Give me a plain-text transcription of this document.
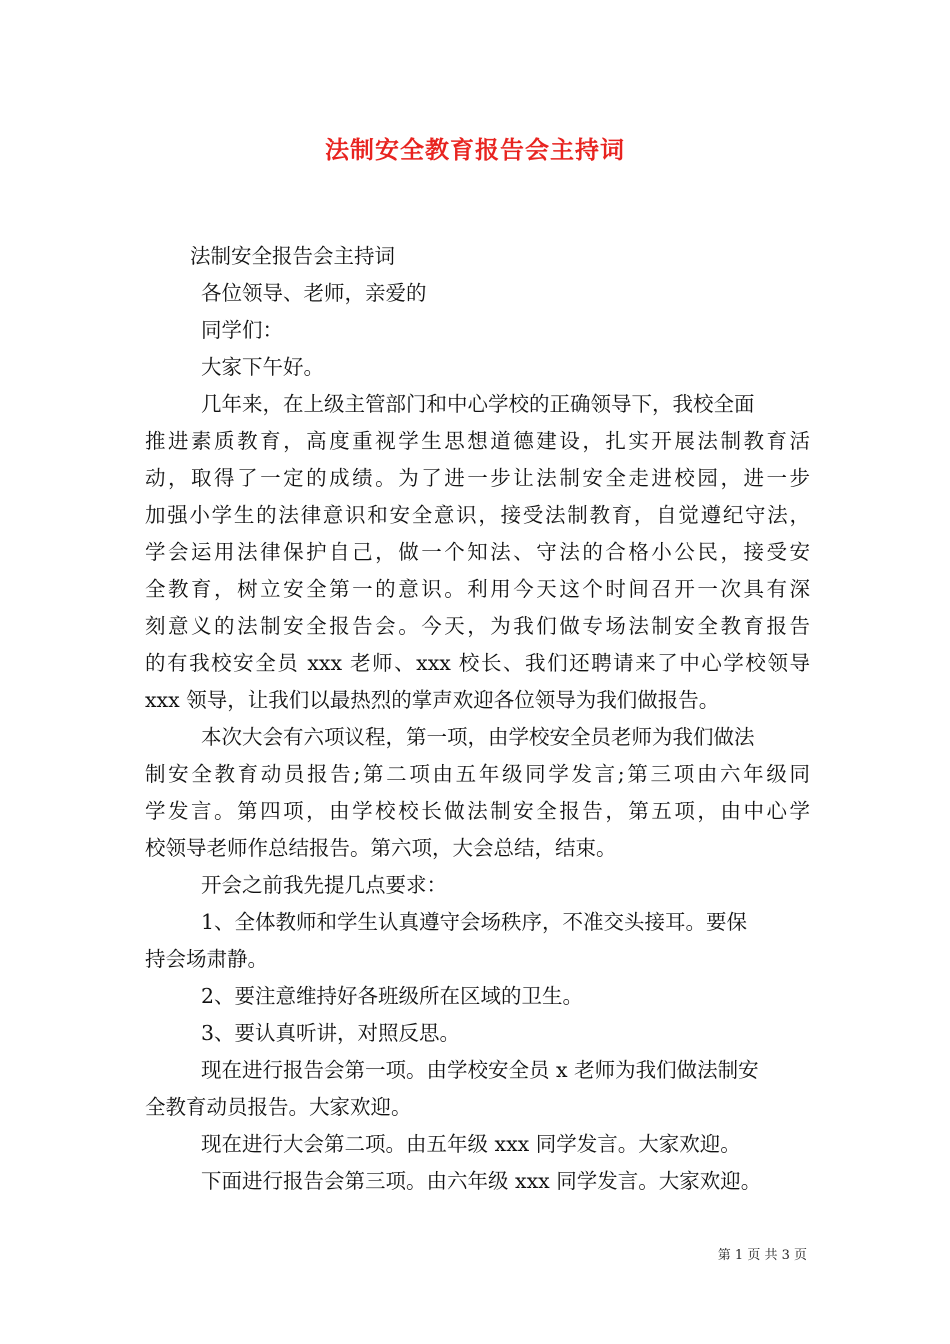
法制安全教育报告会主持词
法制安全报告会主持词
各位领导、老师，亲爱的
同学们：
大家下午好。
几年来，在上级主管部门和中心学校的正确领导下，我校全面
推进素质教育，高度重视学生思想道德建设，扎实开展法制教育活
动，取得了一定的成绩。为了进一步让法制安全走进校园，进一步
加强小学生的法律意识和安全意识，接受法制教育，自觉遵纪守法，
学会运用法律保护自己，做一个知法、守法的合格小公民，接受安
全教育，树立安全第一的意识。利用今天这个时间召开一次具有深
刻意义的法制安全报告会。今天，为我们做专场法制安全教育报告
的有我校安全员 xxx 老师、xxx 校长、我们还聘请来了中心学校领导
xxx 领导，让我们以最热烈的掌声欢迎各位领导为我们做报告。
本次大会有六项议程，第一项，由学校安全员老师为我们做法
制安全教育动员报告;第二项由五年级同学发言;第三项由六年级同
学发言。第四项，由学校校长做法制安全报告，第五项，由中心学
校领导老师作总结报告。第六项，大会总结，结束。
开会之前我先提几点要求：
1、全体教师和学生认真遵守会场秩序，不准交头接耳。要保
持会场肃静。
2、要注意维持好各班级所在区域的卫生。
3、要认真听讲，对照反思。
现在进行报告会第一项。由学校安全员 x 老师为我们做法制安
全教育动员报告。大家欢迎。
现在进行大会第二项。由五年级 xxx 同学发言。大家欢迎。
下面进行报告会第三项。由六年级 xxx 同学发言。大家欢迎。
第 1 页 共 3 页
